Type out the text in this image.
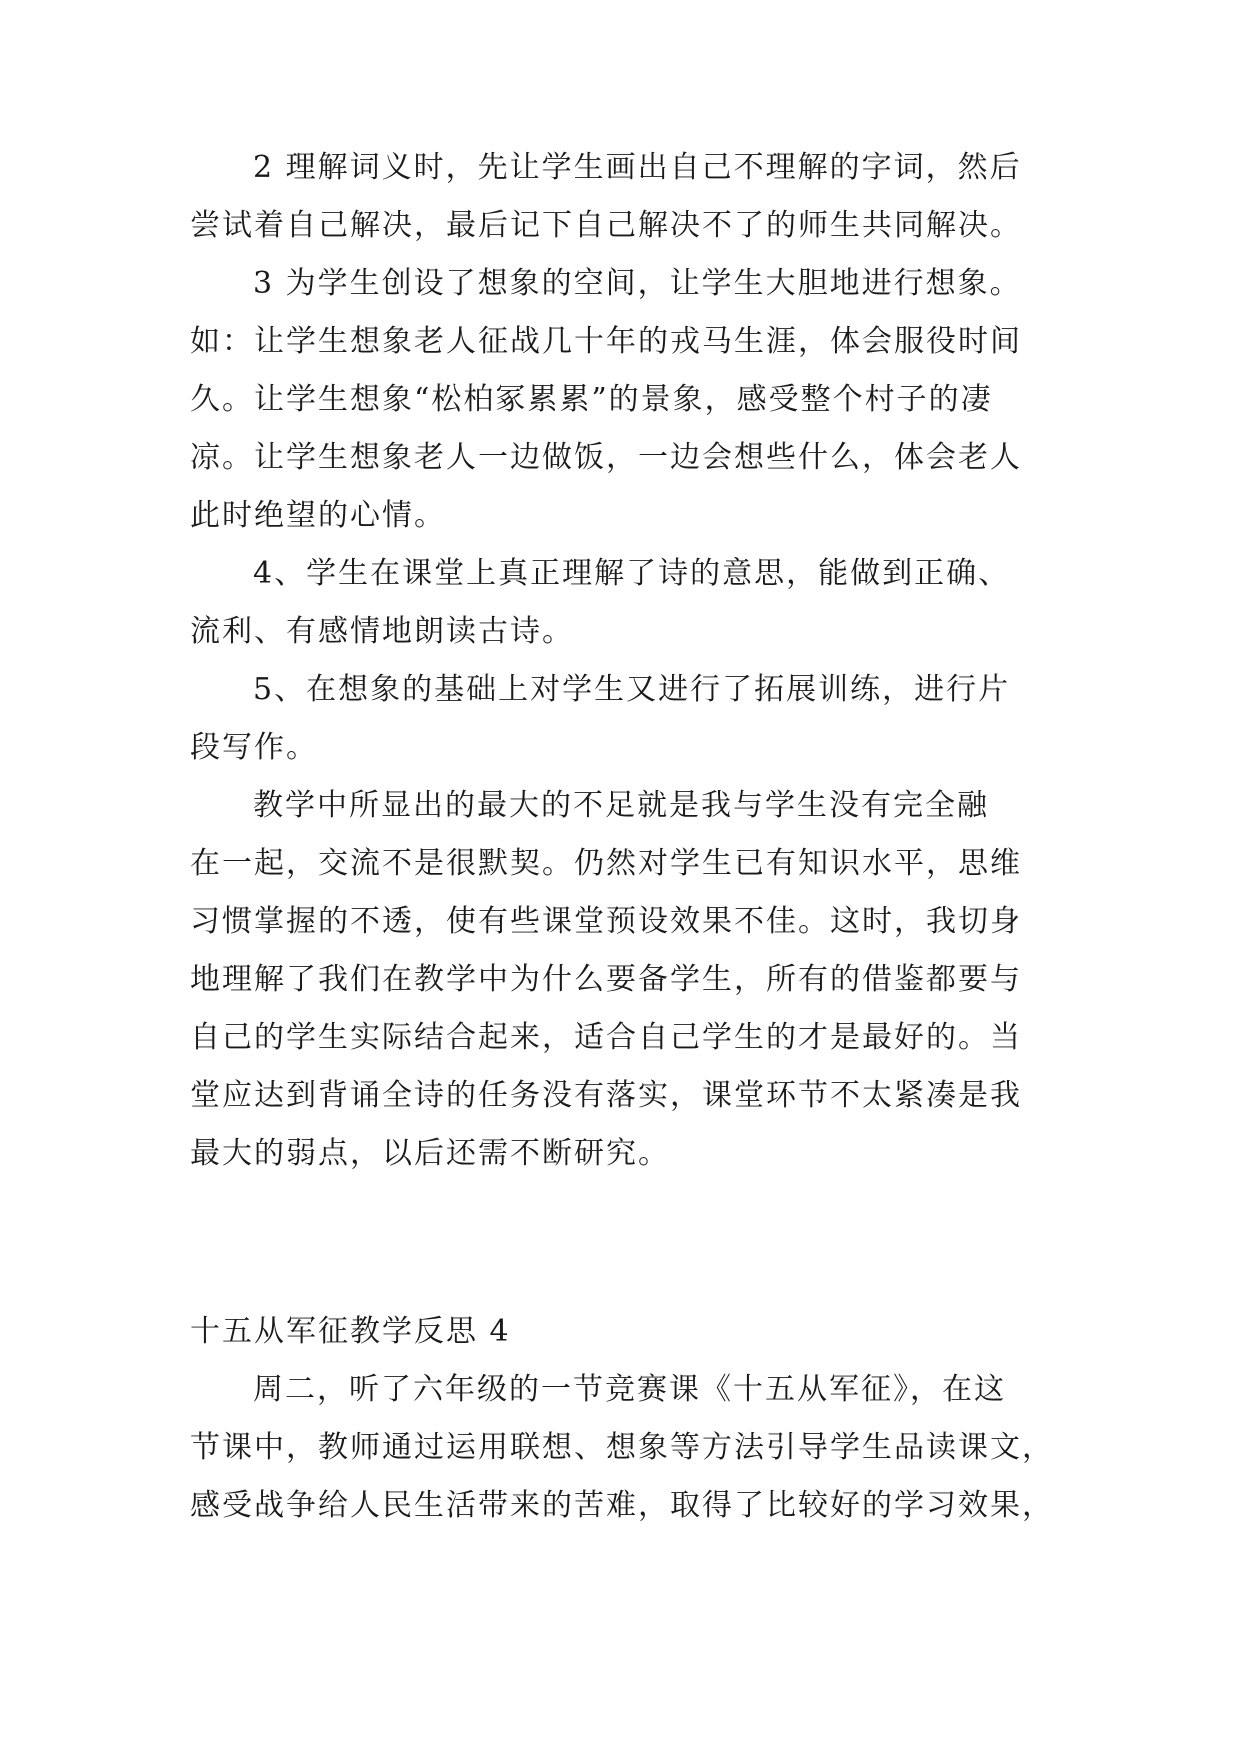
2 理解词义时，先让学生画出自己不理解的字词，然后

尝试着自己解决，最后记下自己解决不了的师生共同解决。

3 为学生创设了想象的空间，让学生大胆地进行想象。

如：让学生想象老人征战几十年的戎马生涯，体会服役时间

久。让学生想象“松柏冢累累”的景象，感受整个村子的凄

凉。让学生想象老人一边做饭，一边会想些什么，体会老人

此时绝望的心情。

4、学生在课堂上真正理解了诗的意思，能做到正确、

流利、有感情地朗读古诗。

5、在想象的基础上对学生又进行了拓展训练，进行片

段写作。

教学中所显出的最大的不足就是我与学生没有完全融

在一起，交流不是很默契。仍然对学生已有知识水平，思维

习惯掌握的不透，使有些课堂预设效果不佳。这时，我切身

地理解了我们在教学中为什么要备学生，所有的借鉴都要与

自己的学生实际结合起来，适合自己学生的才是最好的。当

堂应达到背诵全诗的任务没有落实，课堂环节不太紧凑是我

最大的弱点，以后还需不断研究。

十五从军征教学反思 4

周二，听了六年级的一节竞赛课《十五从军征》，在这

节课中，教师通过运用联想、想象等方法引导学生品读课文，

感受战争给人民生活带来的苦难，取得了比较好的学习效果，
